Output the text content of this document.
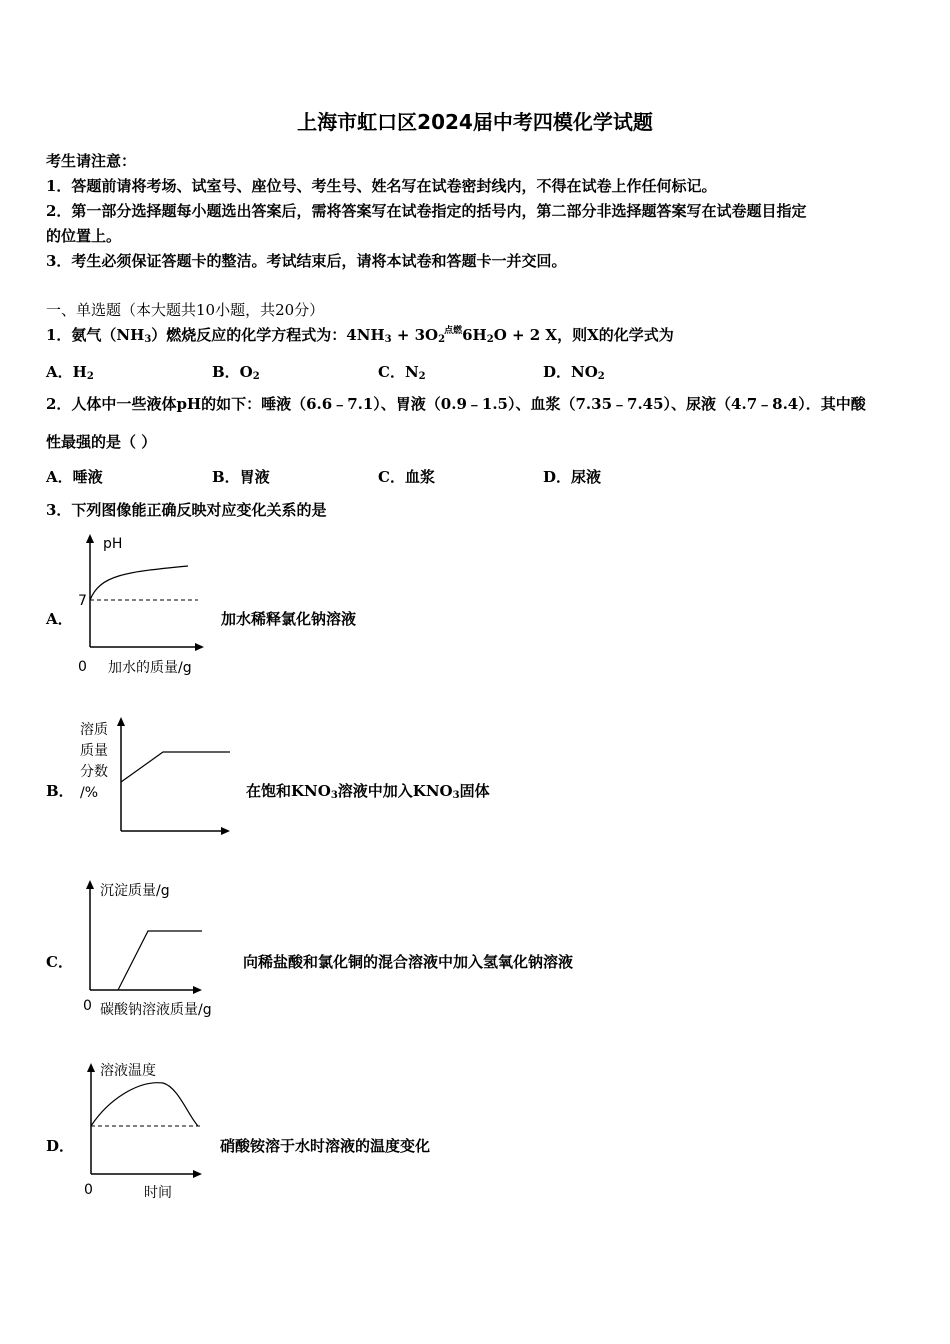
上海市虹口区2024届中考四模化学试题
考生请注意：
1．答题前请将考场、试室号、座位号、考生号、姓名写在试卷密封线内，不得在试卷上作任何标记。
2．第一部分选择题每小题选出答案后，需将答案写在试卷指定的括号内，第二部分非选择题答案写在试卷题目指定
的位置上。
3．考生必须保证答题卡的整洁。考试结束后，请将本试卷和答题卡一并交回。
一、单选题（本大题共10小题，共20分）
1．氨气$(NH_3)$燃烧反应的化学方程式为：$4NH_3 + 3O_2^{点燃}6H_2O + 2$ X，则X的化学式为
A．$H_2$	B．$O_2$	C．$N_2$	D．$NO_2$
2．人体中一些液体pH的如下：唾液（6.6﹣7.1）、胃液（0.9﹣1.5）、血浆（7.35﹣7.45）、尿液（4.7﹣8.4）．其中酸
性最强的是（ ）
A．唾液	B．胃液	C．血浆	D．尿液
3．下列图像能正确反映对应变化关系的是
A．
pH
7
0 加水的质量/g
加水稀释氯化钠溶液
B．
溶质
质量
分数
/%	在饱和$KNO_3$溶液中加入$KNO_3$固体
C．
沉淀质量/g
0 碳酸钠溶液质量/g
向稀盐酸和氯化铜的混合溶液中加入氢氧化钠溶液
D．
溶液温度
0	时间
硝酸铵溶于水时溶液的温度变化
